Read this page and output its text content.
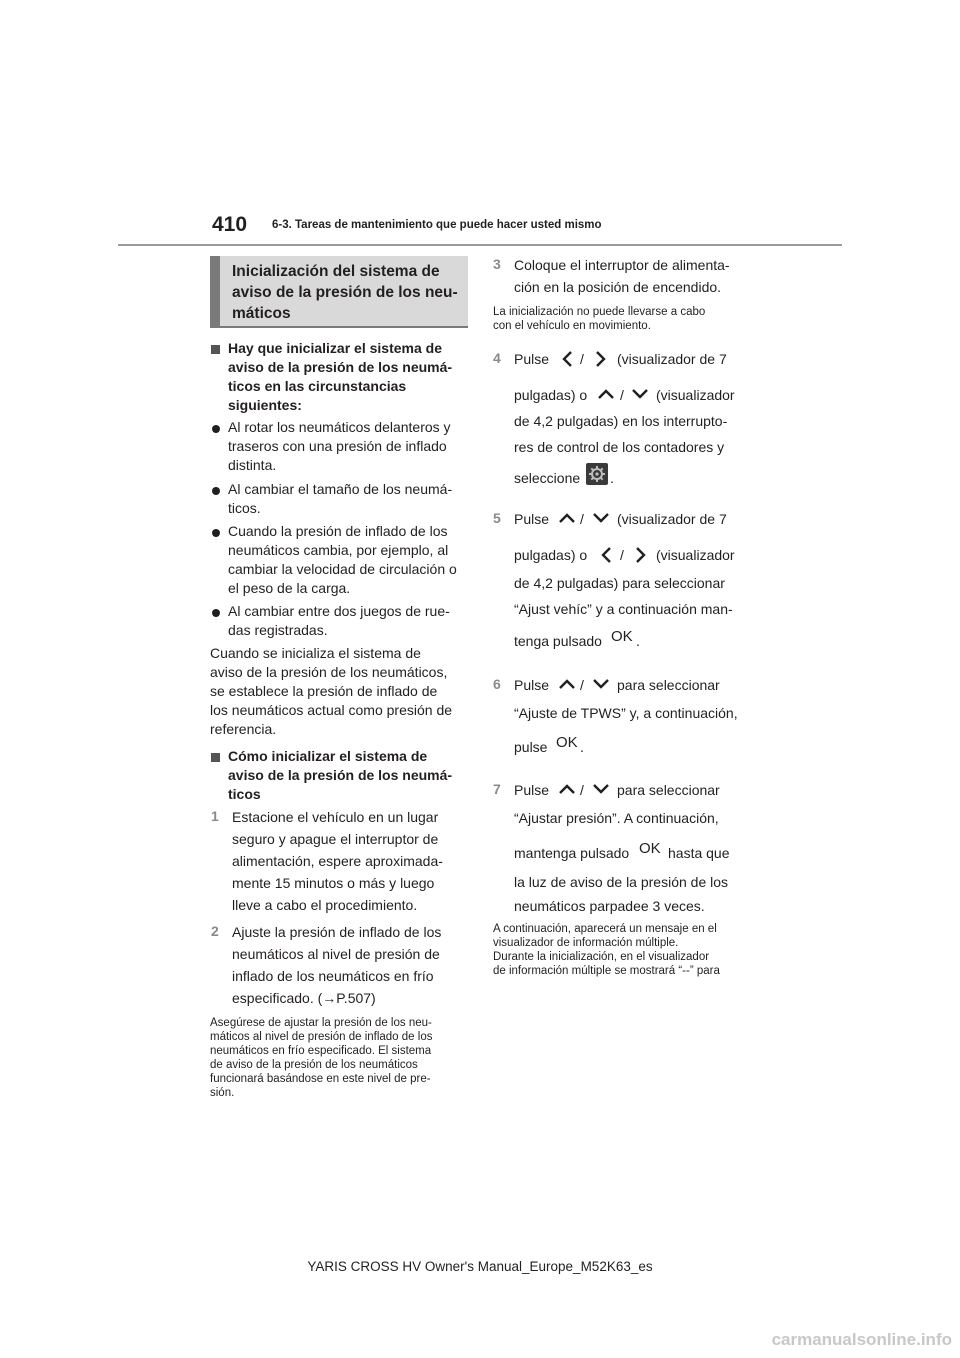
410 6-3. Tareas de mantenimiento que puede hacer usted mismo
Inicialización del sistema de aviso de la presión de los neu-máticos
Hay que inicializar el sistema de
aviso de la presión de los neumá-
ticos en las circunstancias
siguientes:
Al rotar los neumáticos delanteros y
traseros con una presión de inflado
distinta.
Al cambiar el tamaño de los neumá-
ticos.
Cuando la presión de inflado de los
neumáticos cambia, por ejemplo, al
cambiar la velocidad de circulación o
el peso de la carga.
Al cambiar entre dos juegos de rue-
das registradas.
Cuando se inicializa el sistema de
aviso de la presión de los neumáticos,
se establece la presión de inflado de
los neumáticos actual como presión de
referencia.
Cómo inicializar el sistema de
aviso de la presión de los neumá-
ticos
1 Estacione el vehículo en un lugar
seguro y apague el interruptor de
alimentación, espere aproximada-
mente 15 minutos o más y luego
lleve a cabo el procedimiento.
2 Ajuste la presión de inflado de los
neumáticos al nivel de presión de
inflado de los neumáticos en frío
especificado. (→P.507)
Asegúrese de ajustar la presión de los neu-
máticos al nivel de presión de inflado de los
neumáticos en frío especificado. El sistema
de aviso de la presión de los neumáticos
funcionará basándose en este nivel de pre-
sión.
3 Coloque el interruptor de alimenta-
ción en la posición de encendido.
La inicialización no puede llevarse a cabo
con el vehículo en movimiento.
4 Pulse / (visualizador de 7
pulgadas) o / (visualizador
de 4,2 pulgadas) en los interrupto-
res de control de los contadores y
seleccione .
5 Pulse / (visualizador de 7
pulgadas) o / (visualizador
de 4,2 pulgadas) para seleccionar
“Ajust vehíc” y a continuación man-
tenga pulsado OK .
6 Pulse / para seleccionar
“Ajuste de TPWS” y, a continuación,
pulse OK .
7 Pulse / para seleccionar
“Ajustar presión”. A continuación,
mantenga pulsado OK hasta que
la luz de aviso de la presión de los
neumáticos parpadee 3 veces.
A continuación, aparecerá un mensaje en el
visualizador de información múltiple.
Durante la inicialización, en el visualizador
de información múltiple se mostrará “--” para
YARIS CROSS HV Owner's Manual_Europe_M52K63_es
carmanualsonline.info
